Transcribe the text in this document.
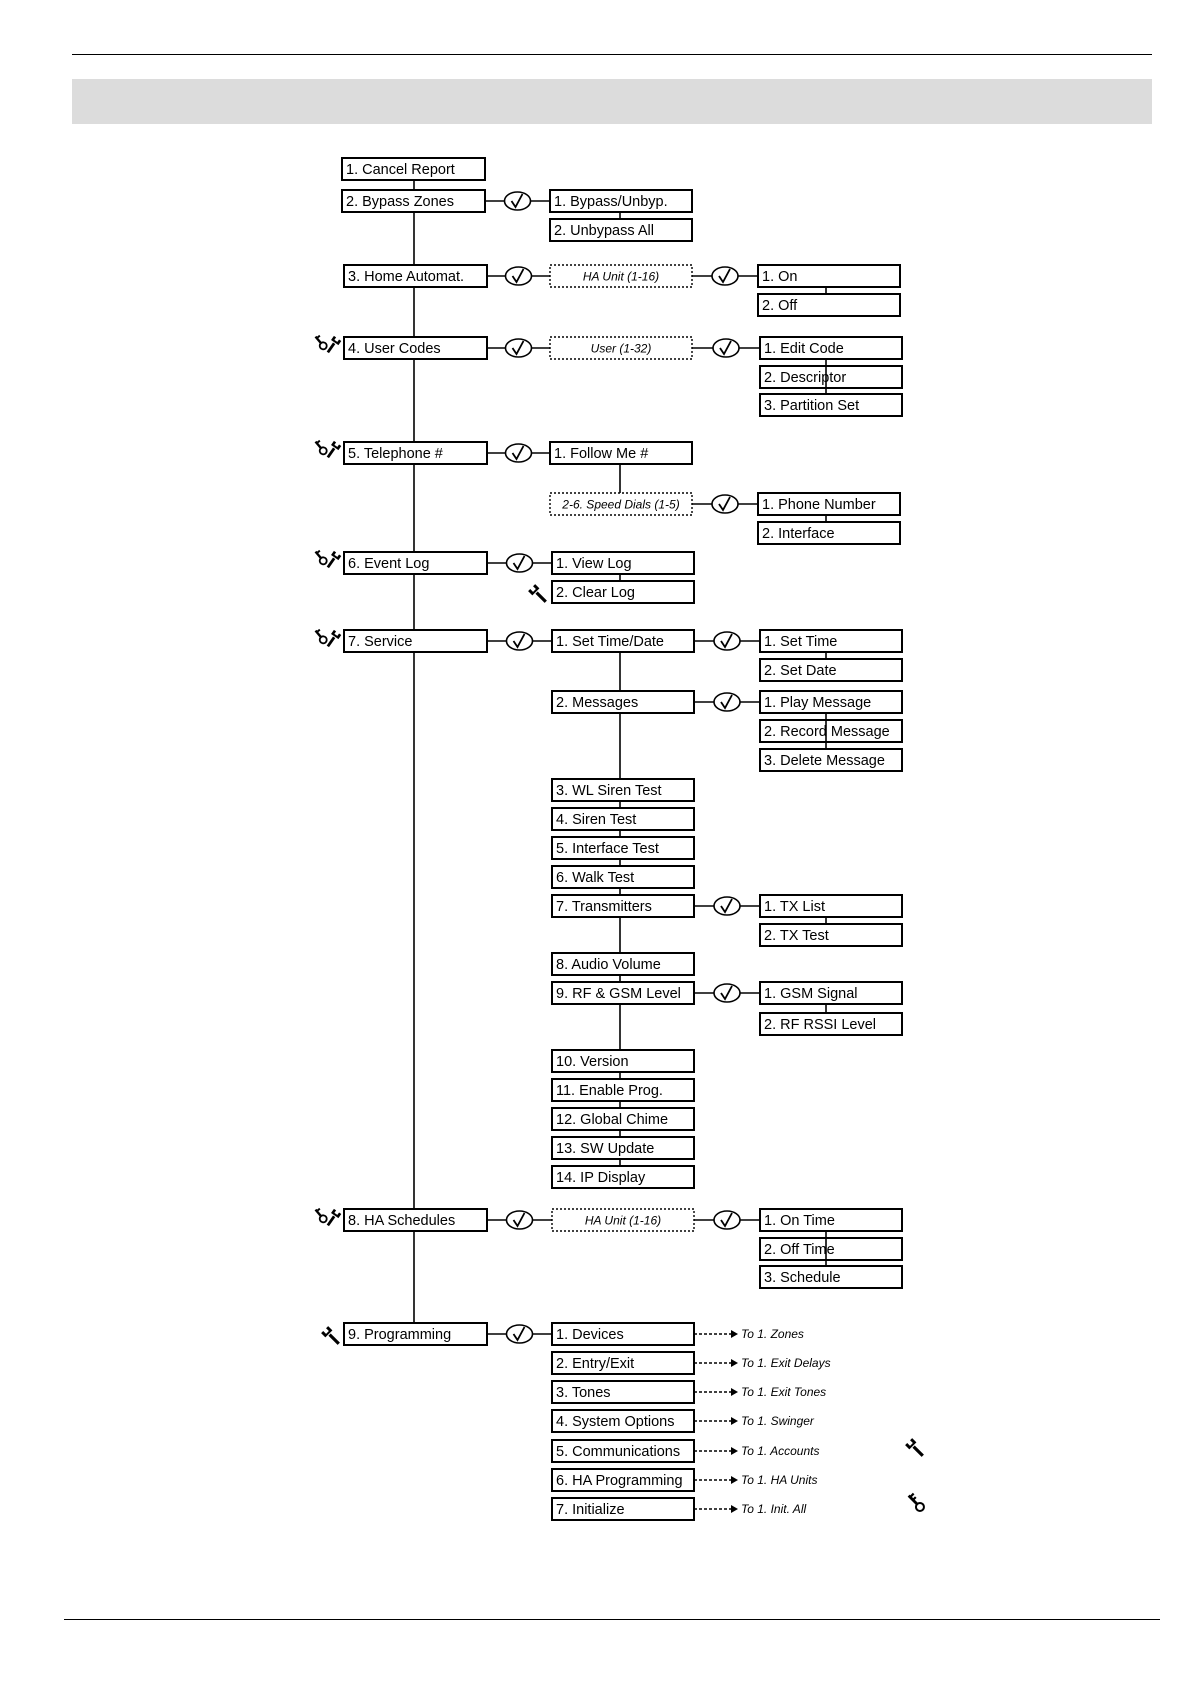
1. Cancel Report
2. Bypass Zones	1. Bypass/Unbyp.
2. Unbypass All
3. Home Automat.	HA Unit (1-16)	1. On
2. Off
4. User Codes	User (1-32)	1. Edit Code
2. Descriptor
3. Partition Set
5. Telephone #	1. Follow Me #
2-6. Speed Dials (1-5)	1. Phone Number
2. Interface
6. Event Log	1. View Log
2. Clear Log
7. Service	1. Set Time/Date
2. Messages
3. WL Siren Test
4. Siren Test
5. Interface Test
6. Walk Test
7. Transmitters
8. Audio Volume
9. RF & GSM Level
10. Version
11. Enable Prog.
12. Global Chime
13. SW Update
14. IP Display
1. Set Time
2. Set Date
1. Play Message
2. Record Message
3. Delete Message
1. TX List
2. TX Test
1. GSM Signal
2. RF RSSI Level
8. HA Schedules	HA Unit (1-16)	1. On Time
2. Off Time
3. Schedule
9. Programming	1. Devices	To 1. Zones
2. Entry/Exit	To 1. Exit Delays
3. Tones	To 1. Exit Tones
4. System Options	To 1. Swinger
5. Communications	To 1. Accounts
6. HA Programming	To 1. HA Units
7. Initialize	To 1. Init. All
